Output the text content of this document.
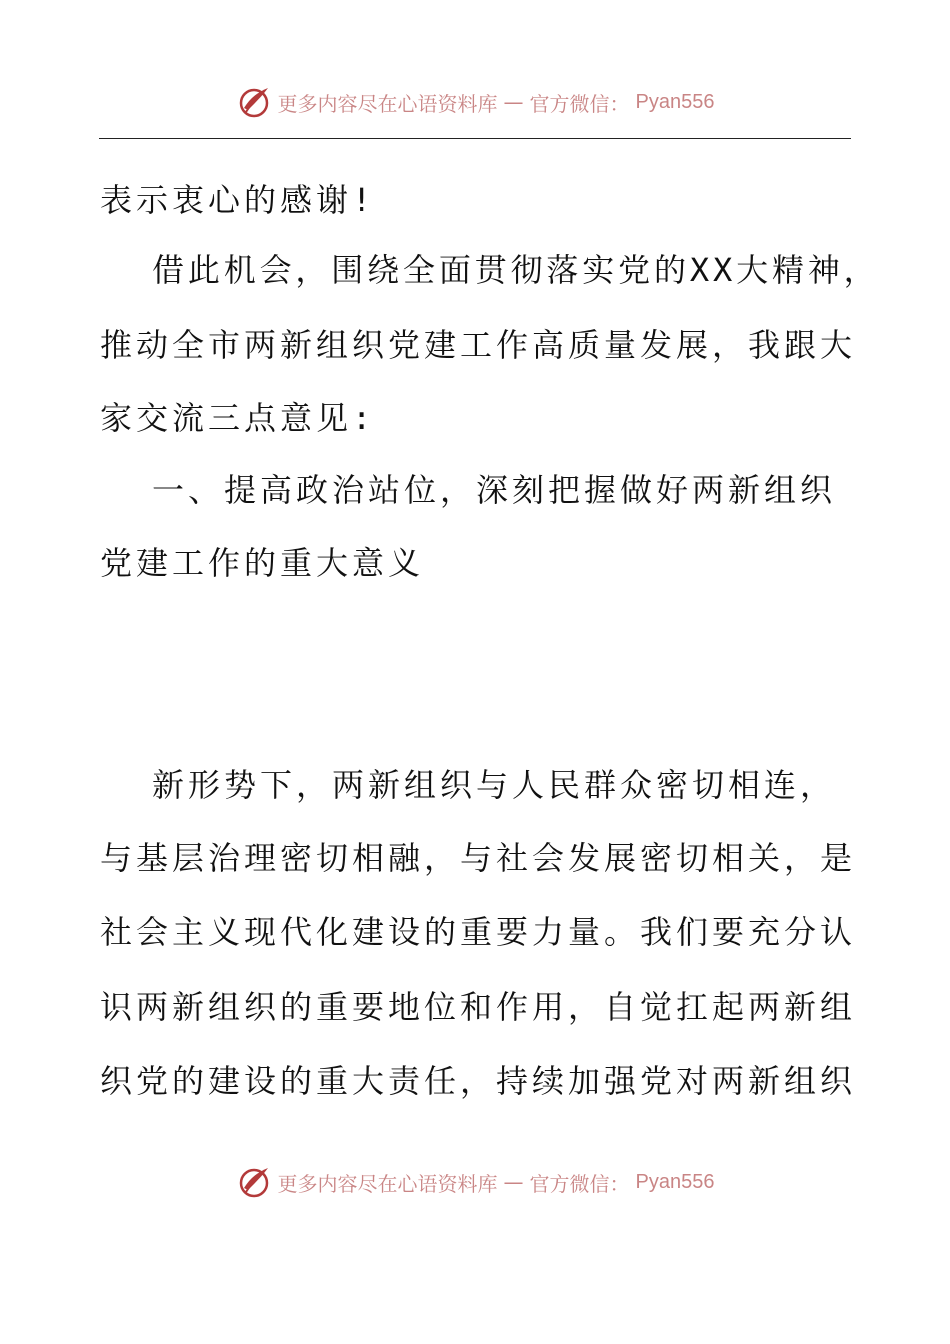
更多内容尽在心语资料库 — 官方微信： Pyan556
表示衷心的感谢!
借此机会，围绕全面贯彻落实党的XX大精神，
推动全市两新组织党建工作高质量发展，我跟大
家交流三点意见:
一、提高政治站位，深刻把握做好两新组织
党建工作的重大意义
新形势下，两新组织与人民群众密切相连，
与基层治理密切相融，与社会发展密切相关，是
社会主义现代化建设的重要力量。我们要充分认
识两新组织的重要地位和作用，自觉扛起两新组
织党的建设的重大责任，持续加强党对两新组织
更多内容尽在心语资料库 — 官方微信： Pyan556
